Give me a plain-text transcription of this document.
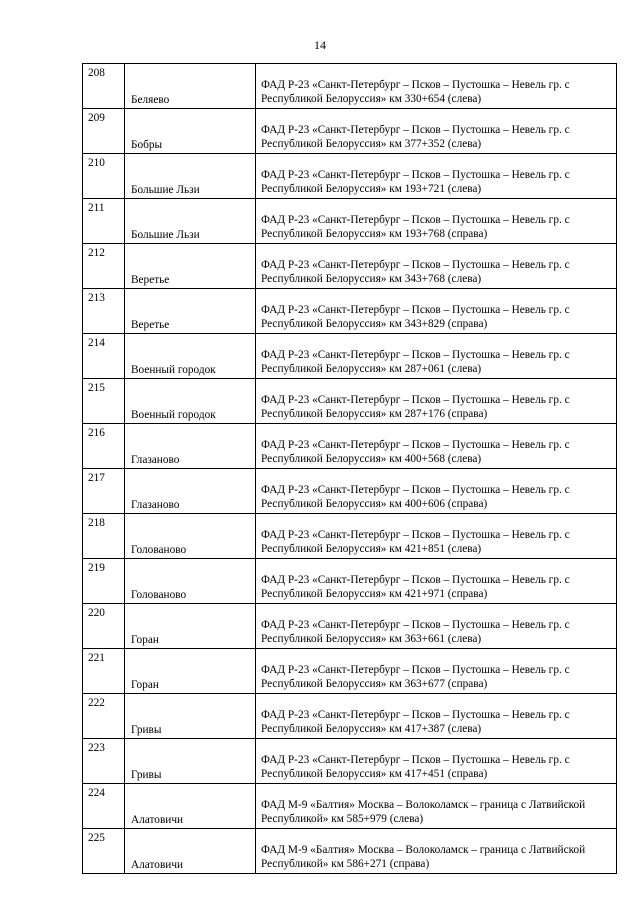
14
208	Беляево	ФАД Р-23 «Санкт-Петербург – Псков – Пустошка – Невель гр. с Республикой Белоруссия» км 330+654 (слева)
209	Бобры	ФАД Р-23 «Санкт-Петербург – Псков – Пустошка – Невель гр. с Республикой Белоруссия» км 377+352 (слева)
210	Большие Льзи	ФАД Р-23 «Санкт-Петербург – Псков – Пустошка – Невель гр. с Республикой Белоруссия» км 193+721 (слева)
211	Большие Льзи	ФАД Р-23 «Санкт-Петербург – Псков – Пустошка – Невель гр. с Республикой Белоруссия» км 193+768 (справа)
212	Веретье	ФАД Р-23 «Санкт-Петербург – Псков – Пустошка – Невель гр. с Республикой Белоруссия» км 343+768 (слева)
213	Веретье	ФАД Р-23 «Санкт-Петербург – Псков – Пустошка – Невель гр. с Республикой Белоруссия» км 343+829 (справа)
214	Военный городок	ФАД Р-23 «Санкт-Петербург – Псков – Пустошка – Невель гр. с Республикой Белоруссия» км 287+061 (слева)
215	Военный городок	ФАД Р-23 «Санкт-Петербург – Псков – Пустошка – Невель гр. с Республикой Белоруссия» км 287+176 (справа)
216	Глазаново	ФАД Р-23 «Санкт-Петербург – Псков – Пустошка – Невель гр. с Республикой Белоруссия» км 400+568 (слева)
217	Глазаново	ФАД Р-23 «Санкт-Петербург – Псков – Пустошка – Невель гр. с Республикой Белоруссия» км 400+606 (справа)
218	Голованово	ФАД Р-23 «Санкт-Петербург – Псков – Пустошка – Невель гр. с Республикой Белоруссия» км 421+851 (слева)
219	Голованово	ФАД Р-23 «Санкт-Петербург – Псков – Пустошка – Невель гр. с Республикой Белоруссия» км 421+971 (справа)
220	Горан	ФАД Р-23 «Санкт-Петербург – Псков – Пустошка – Невель гр. с Республикой Белоруссия» км 363+661 (слева)
221	Горан	ФАД Р-23 «Санкт-Петербург – Псков – Пустошка – Невель гр. с Республикой Белоруссия» км 363+677 (справа)
222	Гривы	ФАД Р-23 «Санкт-Петербург – Псков – Пустошка – Невель гр. с Республикой Белоруссия» км 417+387 (слева)
223	Гривы	ФАД Р-23 «Санкт-Петербург – Псков – Пустошка – Невель гр. с Республикой Белоруссия» км 417+451 (справа)
224	Алатовичи	ФАД М-9 «Балтия» Москва – Волоколамск – граница с Латвийской Республикой» км 585+979 (слева)
225	Алатовичи	ФАД М-9 «Балтия» Москва – Волоколамск – граница с Латвийской Республикой» км 586+271 (справа)
